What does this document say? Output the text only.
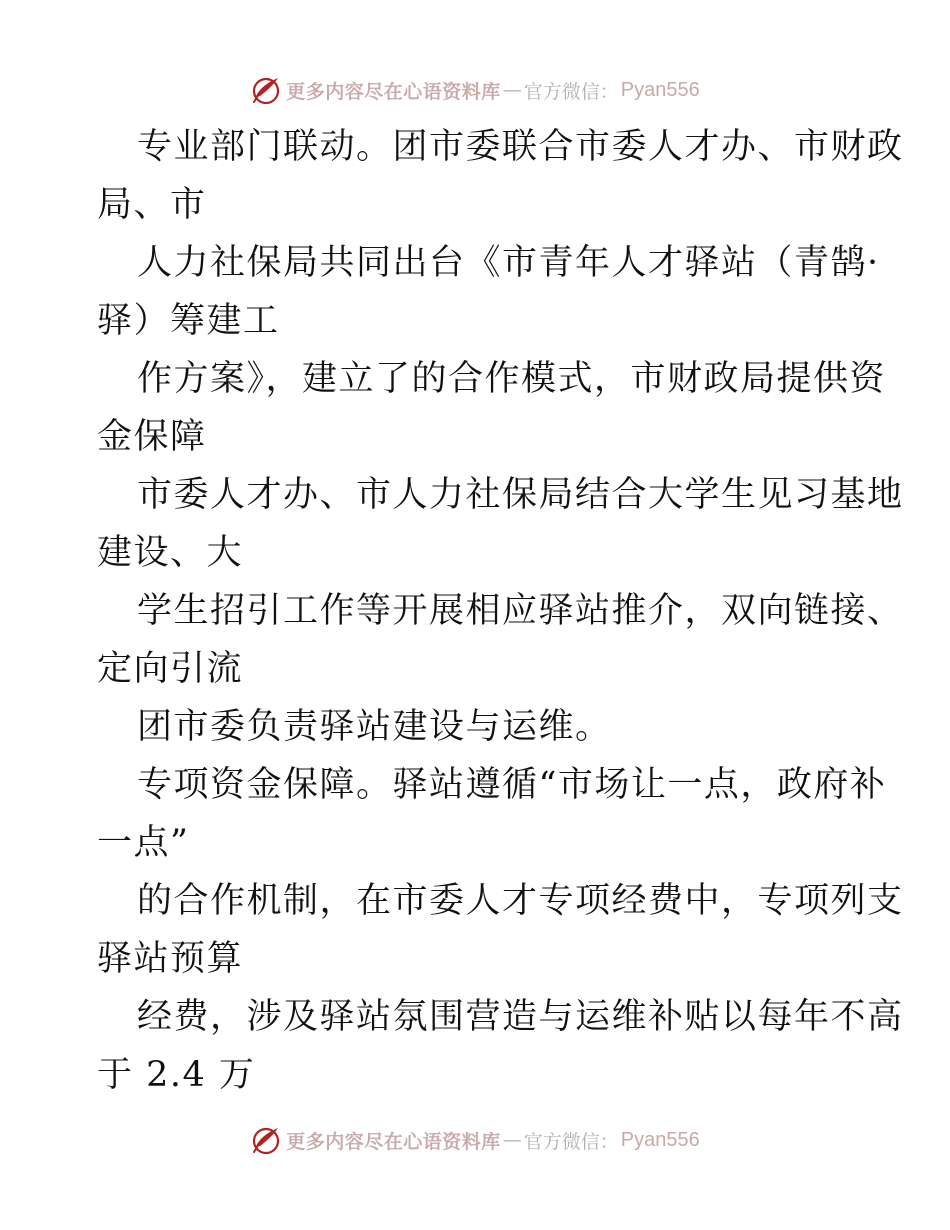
更多内容尽在心语资料库 — 官方微信： Pyan556
专业部门联动。团市委联合市委人才办、市财政
局、市
人力社保局共同出台《市青年人才驿站（青鹄·
驿）筹建工
作方案》，建立了的合作模式，市财政局提供资
金保障
市委人才办、市人力社保局结合大学生见习基地
建设、大
学生招引工作等开展相应驿站推介，双向链接、
定向引流
团市委负责驿站建设与运维。
专项资金保障。驿站遵循“市场让一点，政府补
一点”
的合作机制，在市委人才专项经费中，专项列支
驿站预算
经费，涉及驿站氛围营造与运维补贴以每年不高
于 2.4 万
更多内容尽在心语资料库 — 官方微信： Pyan556
